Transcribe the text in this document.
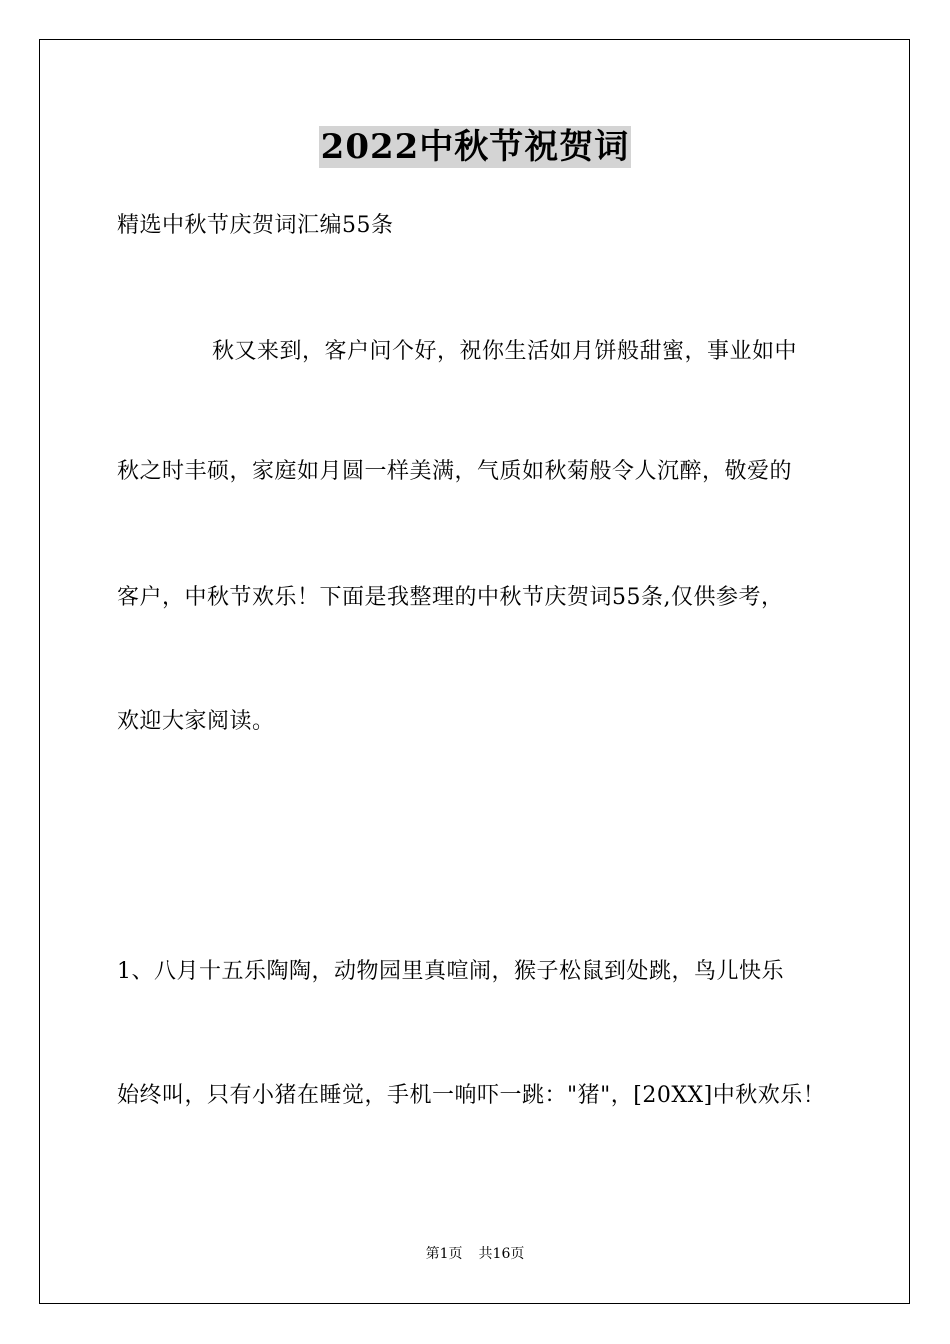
2022中秋节祝贺词
精选中秋节庆贺词汇编55条
秋又来到，客户问个好，祝你生活如月饼般甜蜜，事业如中
秋之时丰硕，家庭如月圆一样美满，气质如秋菊般令人沉醉，敬爱的
客户，中秋节欢乐！下面是我整理的中秋节庆贺词55条,仅供参考，
欢迎大家阅读。
1、八月十五乐陶陶，动物园里真喧闹，猴子松鼠到处跳，鸟儿快乐
始终叫，只有小猪在睡觉，手机一响吓一跳："猪"，[20XX]中秋欢乐！
第1页 共16页
